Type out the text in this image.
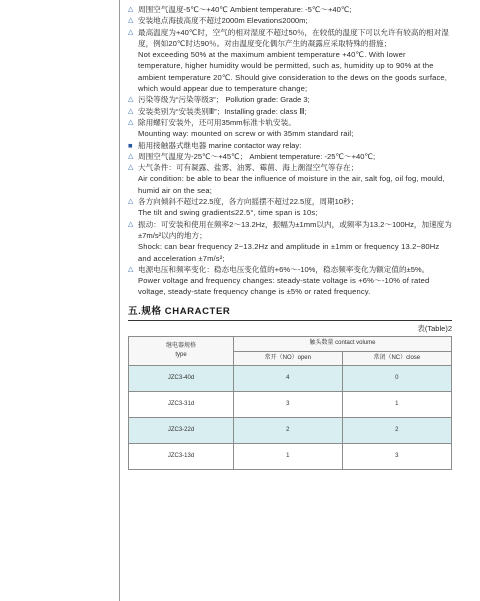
△ 周围空气温度-5℃～+40℃ Ambient temperature: -5℃～+40℃;

△ 安装地点海拔高度不超过2000m Elevation≤2000m;

△ 最高温度为+40℃时，空气的相对湿度不超过50％，在较低的温度下可以允许有较高的相对湿度，例如20℃时达90％。对由温度变化偶尔产生的凝露应采取特殊的措施；

Not exceeding 50% at the maximum ambient temperature +40℃. With lower temperature, higher humidity would be permitted, such as, humidity up to 90% at the ambient temperature 20℃. Should give consideration to the dews on the goods surface, which would appear due to temperature change;

△ 污染等级为“污染等级3”； Pollution grade: Grade 3;

△ 安装类别为“安装类别Ⅲ”；Installing grade: class Ⅲ;

△ 除用螺钉安装外，还可用35mm标准卡轨安装。

Mounting way: mounted on screw or with 35mm standard rail;

■ 船用接触器式继电器 marine contactor way relay:

△ 周围空气温度为-25℃～+45℃； Ambient temperature: -25℃～+40℃;

△ 大气条件：可有凝露、盐雾、油雾、霉菌、海上潮湿空气等存在；

Air condition: be able to bear the influence of moisture in the air, salt fog, oil fog, mould, humid air on the sea;

△ 各方向倾斜不超过22.5度，各方向摇摆不超过22.5度，周期10秒；

The tilt and swing gradient≤22.5°, time span is 10s;

△ 振动：可安装和使用在频率2～13.2Hz，振幅为±1mm以内，或频率为13.2～100Hz，加速度为±7m/s²以内的地方；

Shock: can bear frequency 2~13.2Hz and amplitude in ±1mm or frequency 13.2~80Hz and acceleration ±7m/s²;

△ 电源电压和频率变化：稳态电压变化值的+6%～-10%，稳态频率变化为额定值的±5%。

Power voltage and frequency changes: steady-state voltage is +6%～-10% of rated voltage, steady-state frequency change is ±5% or rated frequency.

五.规格 CHARACTER
表(Table)2
继电器规格
type	触头数量 contact volume	
	常开（NO）open	常闭（NC）close
JZC3-40d	4	0
JZC3-31d	3	1
JZC3-22d	2	2
JZC3-13d	1	3
